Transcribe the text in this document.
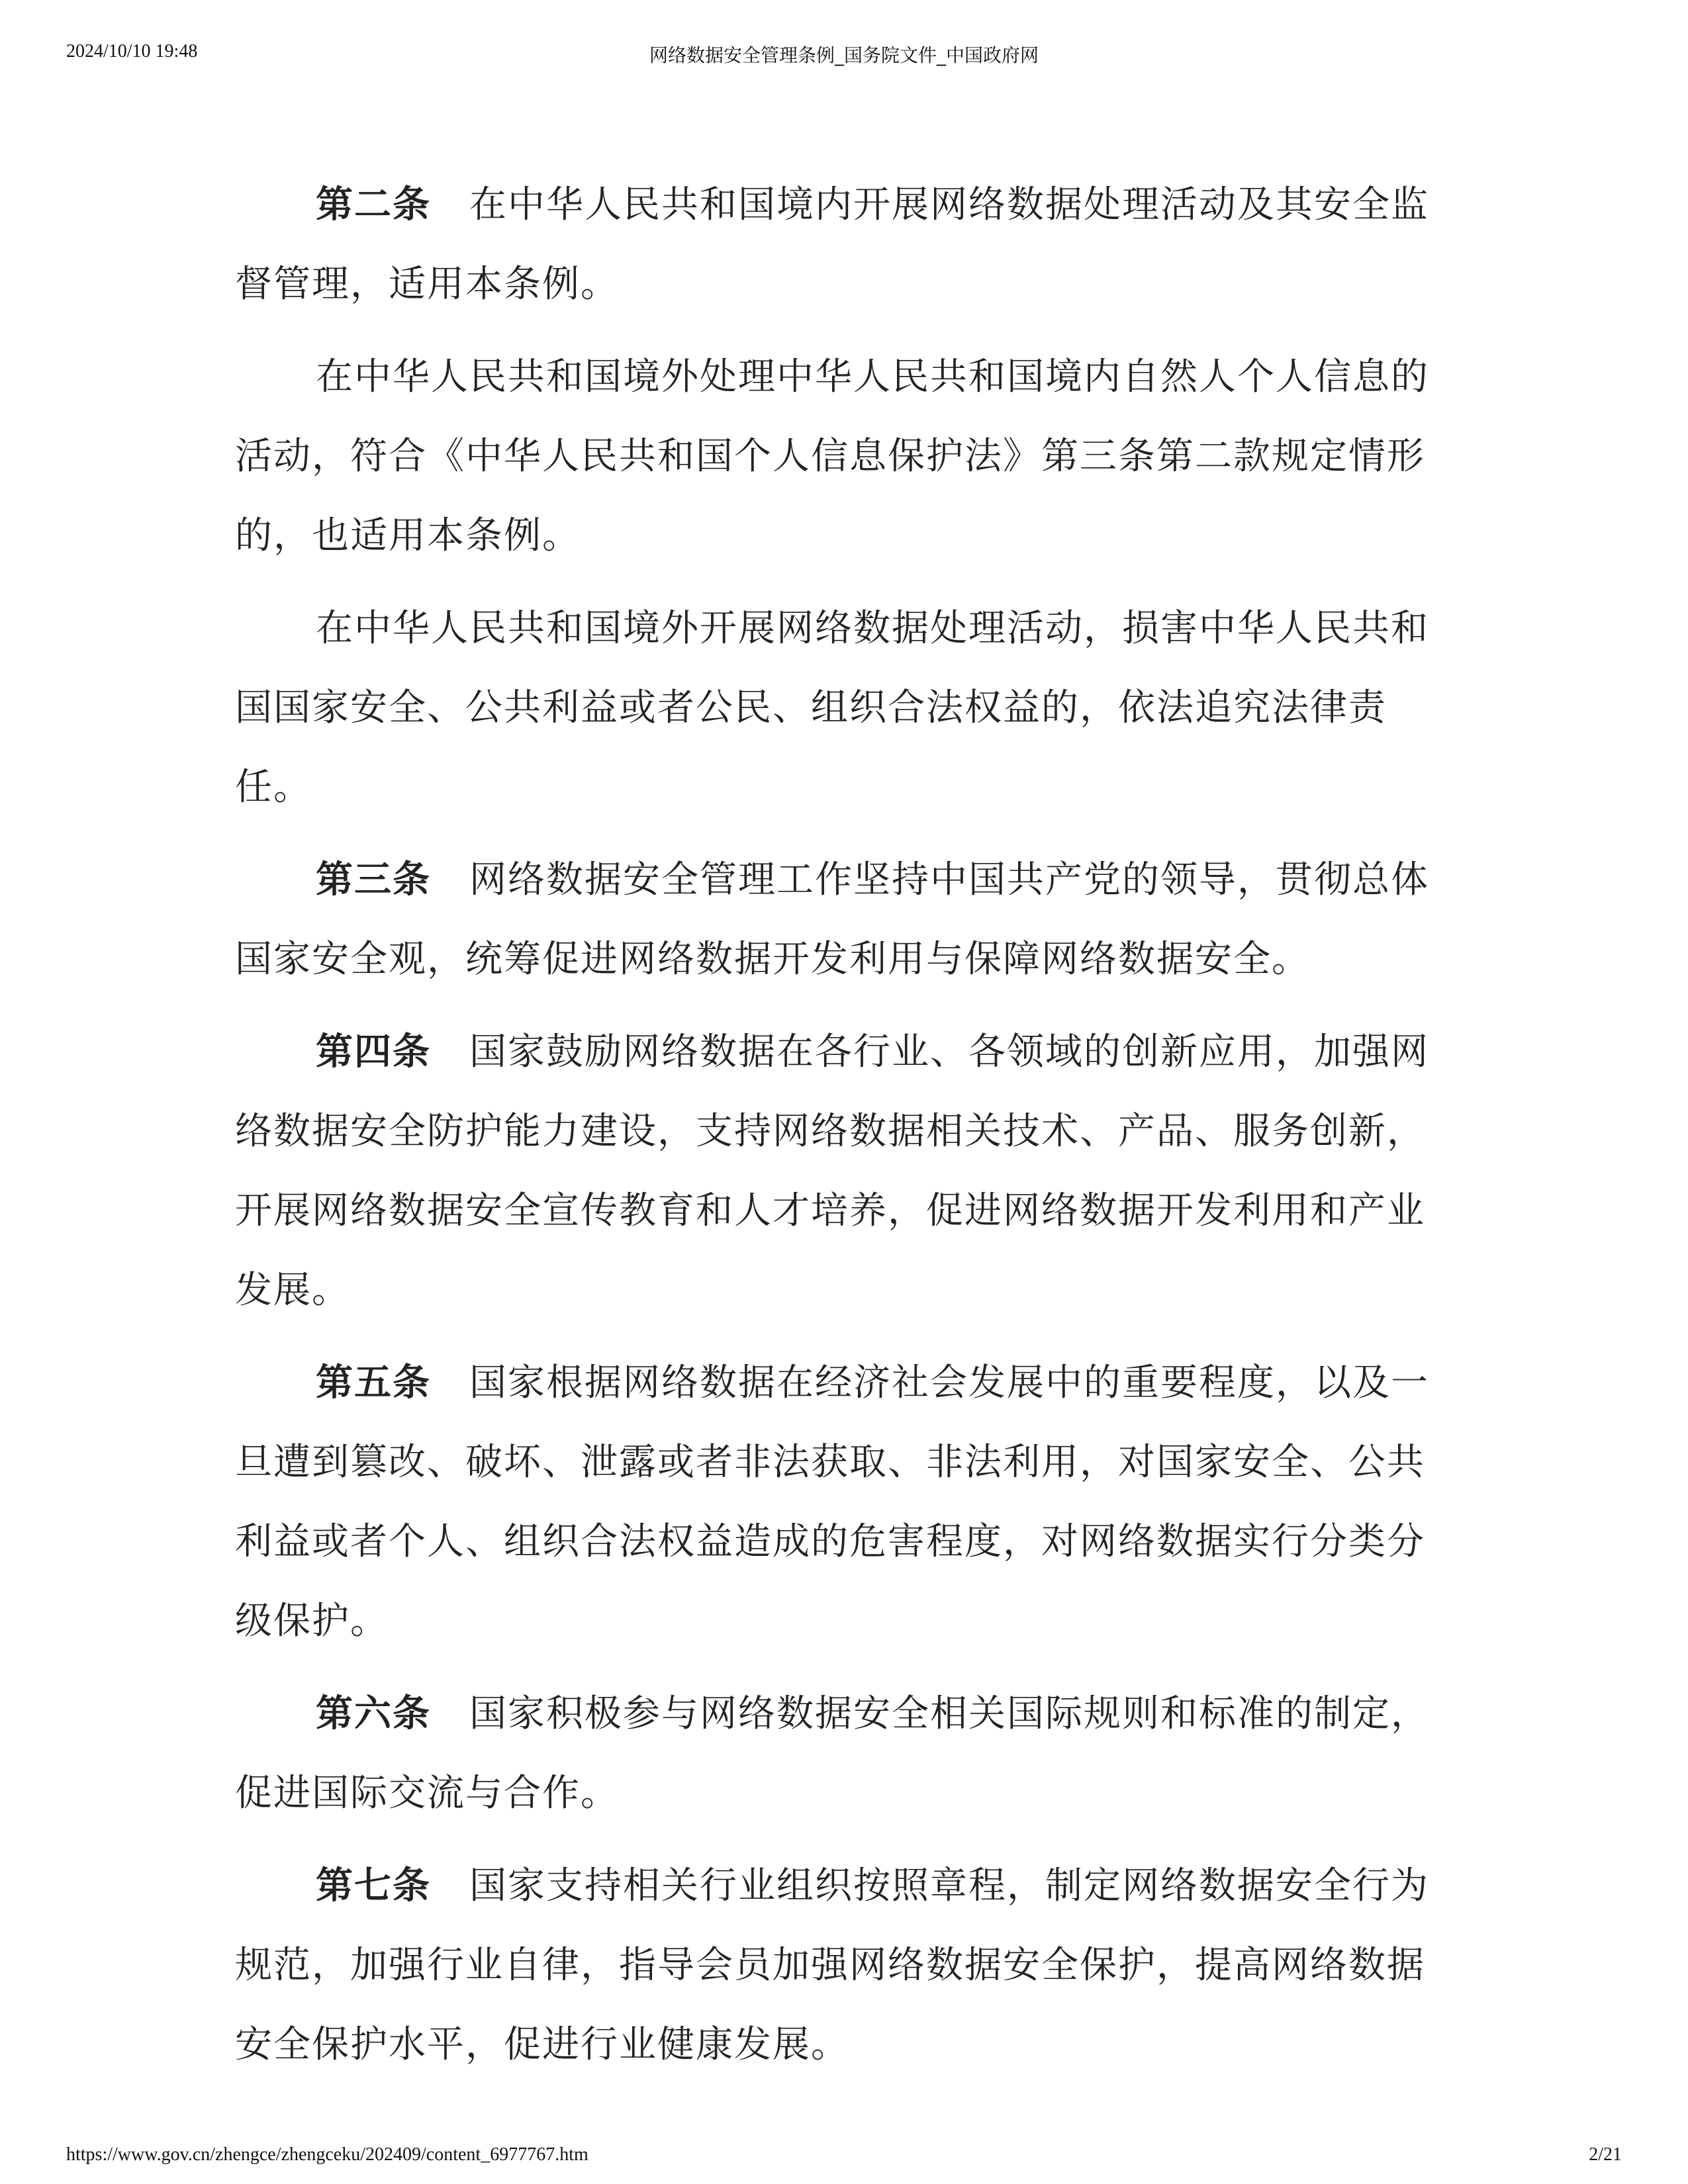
2024/10/10 19:48	网络数据安全管理条例_国务院文件_中国政府网

第二条 在中华人民共和国境内开展网络数据处理活动及其安全监督管理，适用本条例。

在中华人民共和国境外处理中华人民共和国境内自然人个人信息的活动，符合《中华人民共和国个人信息保护法》第三条第二款规定情形的，也适用本条例。

在中华人民共和国境外开展网络数据处理活动，损害中华人民共和国国家安全、公共利益或者公民、组织合法权益的，依法追究法律责任。

第三条 网络数据安全管理工作坚持中国共产党的领导，贯彻总体国家安全观，统筹促进网络数据开发利用与保障网络数据安全。

第四条 国家鼓励网络数据在各行业、各领域的创新应用，加强网络数据安全防护能力建设，支持网络数据相关技术、产品、服务创新，开展网络数据安全宣传教育和人才培养，促进网络数据开发利用和产业发展。

第五条 国家根据网络数据在经济社会发展中的重要程度，以及一旦遭到篡改、破坏、泄露或者非法获取、非法利用，对国家安全、公共利益或者个人、组织合法权益造成的危害程度，对网络数据实行分类分级保护。

第六条 国家积极参与网络数据安全相关国际规则和标准的制定，促进国际交流与合作。

第七条 国家支持相关行业组织按照章程，制定网络数据安全行为规范，加强行业自律，指导会员加强网络数据安全保护，提高网络数据安全保护水平，促进行业健康发展。

https://www.gov.cn/zhengce/zhengceku/202409/content_6977767.htm	2/21
